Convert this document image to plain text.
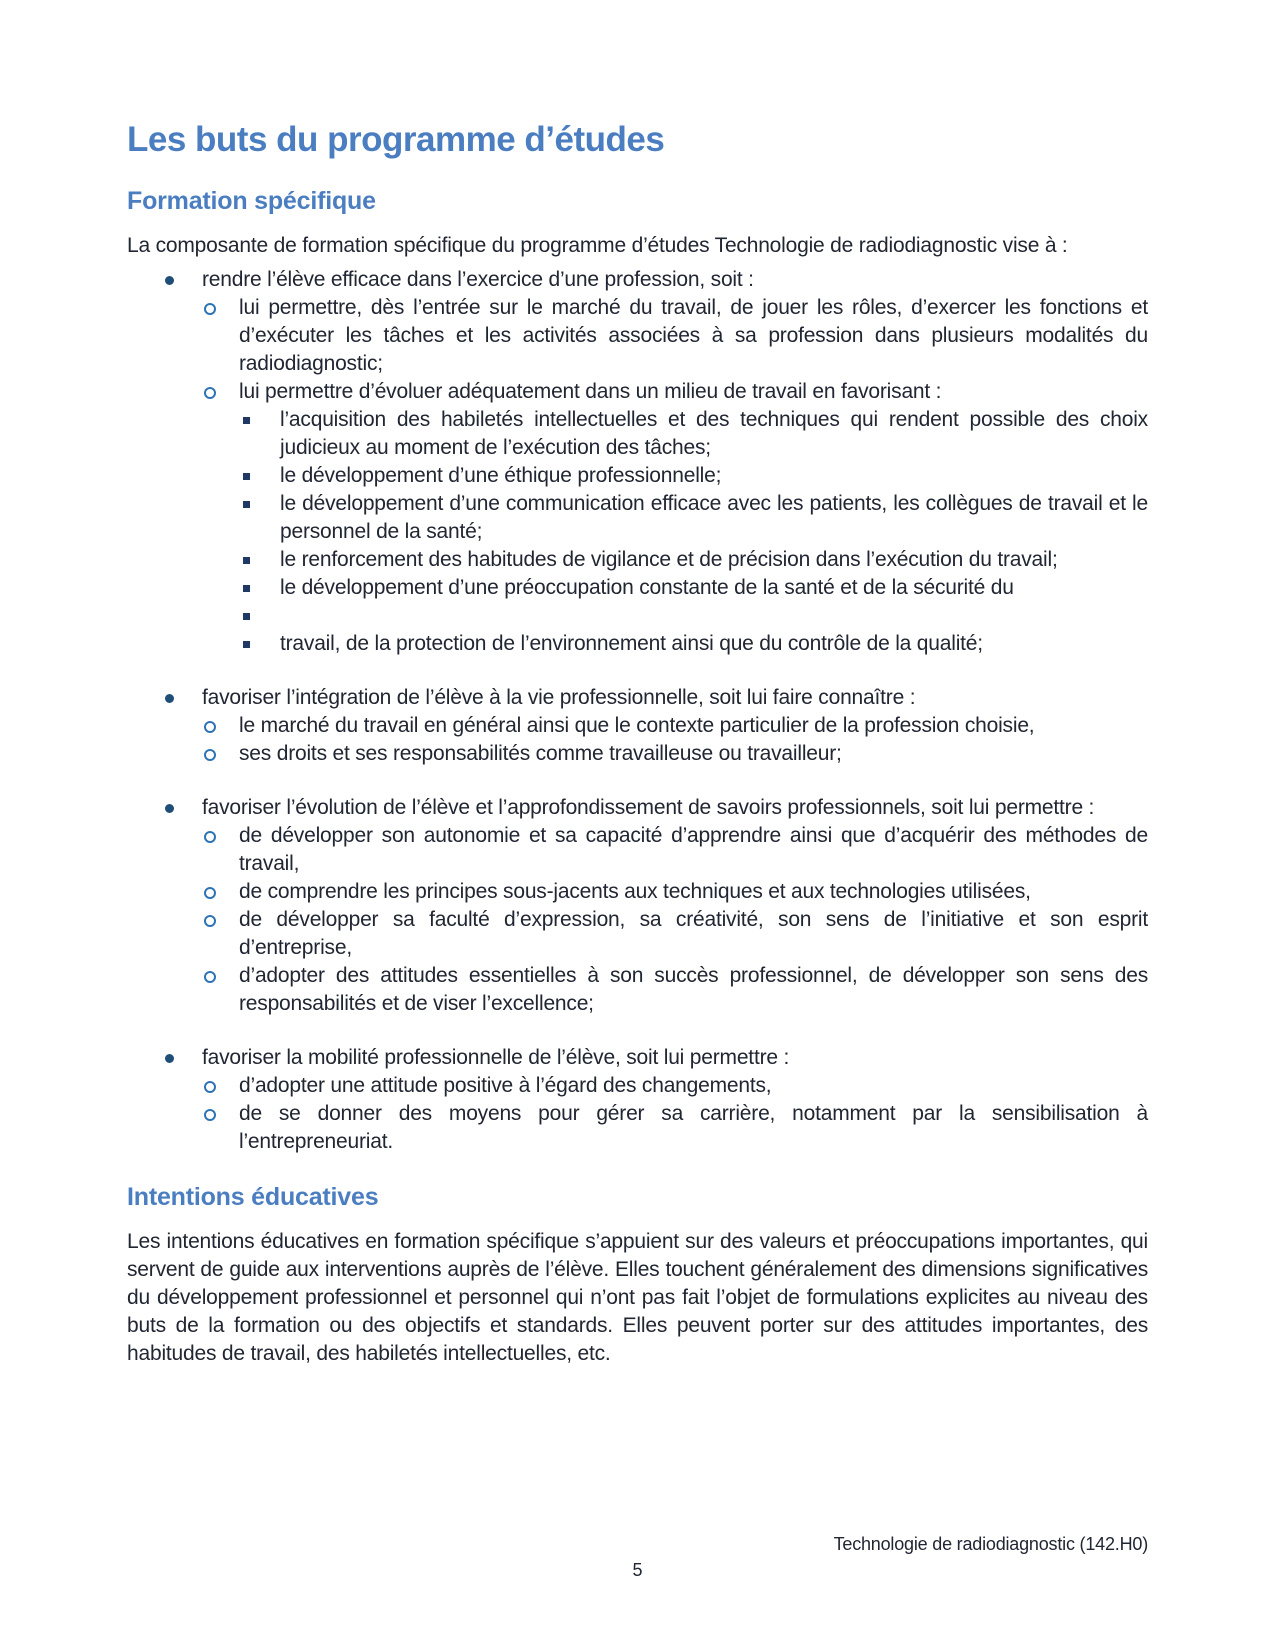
Les buts du programme d’études
Formation spécifique

La composante de formation spécifique du programme d’études Technologie de radiodiagnostic vise à :

rendre l’élève efficace dans l’exercice d’une profession, soit :
lui permettre, dès l’entrée sur le marché du travail, de jouer les rôles, d’exercer les fonctions et d’exécuter les tâches et les activités associées à sa profession dans plusieurs modalités du radiodiagnostic;
lui permettre d’évoluer adéquatement dans un milieu de travail en favorisant :
l’acquisition des habiletés intellectuelles et des techniques qui rendent possible des choix judicieux au moment de l’exécution des tâches;
le développement d’une éthique professionnelle;
le développement d’une communication efficace avec les patients, les collègues de travail et le personnel de la santé;
le renforcement des habitudes de vigilance et de précision dans l’exécution du travail;
le développement d’une préoccupation constante de la santé et de la sécurité du
travail, de la protection de l’environnement ainsi que du contrôle de la qualité;
favoriser l’intégration de l’élève à la vie professionnelle, soit lui faire connaître :
le marché du travail en général ainsi que le contexte particulier de la profession choisie,
ses droits et ses responsabilités comme travailleuse ou travailleur;
favoriser l’évolution de l’élève et l’approfondissement de savoirs professionnels, soit lui permettre :
de développer son autonomie et sa capacité d’apprendre ainsi que d’acquérir des méthodes de travail,
de comprendre les principes sous-jacents aux techniques et aux technologies utilisées,
de développer sa faculté d’expression, sa créativité, son sens de l’initiative et son esprit d’entreprise,
d’adopter des attitudes essentielles à son succès professionnel, de développer son sens des responsabilités et de viser l’excellence;
favoriser la mobilité professionnelle de l’élève, soit lui permettre :
d’adopter une attitude positive à l’égard des changements,
de se donner des moyens pour gérer sa carrière, notamment par la sensibilisation à l’entrepreneuriat.
Intentions éducatives

Les intentions éducatives en formation spécifique s’appuient sur des valeurs et préoccupations importantes, qui servent de guide aux interventions auprès de l’élève. Elles touchent généralement des dimensions significatives du développement professionnel et personnel qui n’ont pas fait l’objet de formulations explicites au niveau des buts de la formation ou des objectifs et standards. Elles peuvent porter sur des attitudes importantes, des habitudes de travail, des habiletés intellectuelles, etc.

Technologie de radiodiagnostic (142.H0)
5
